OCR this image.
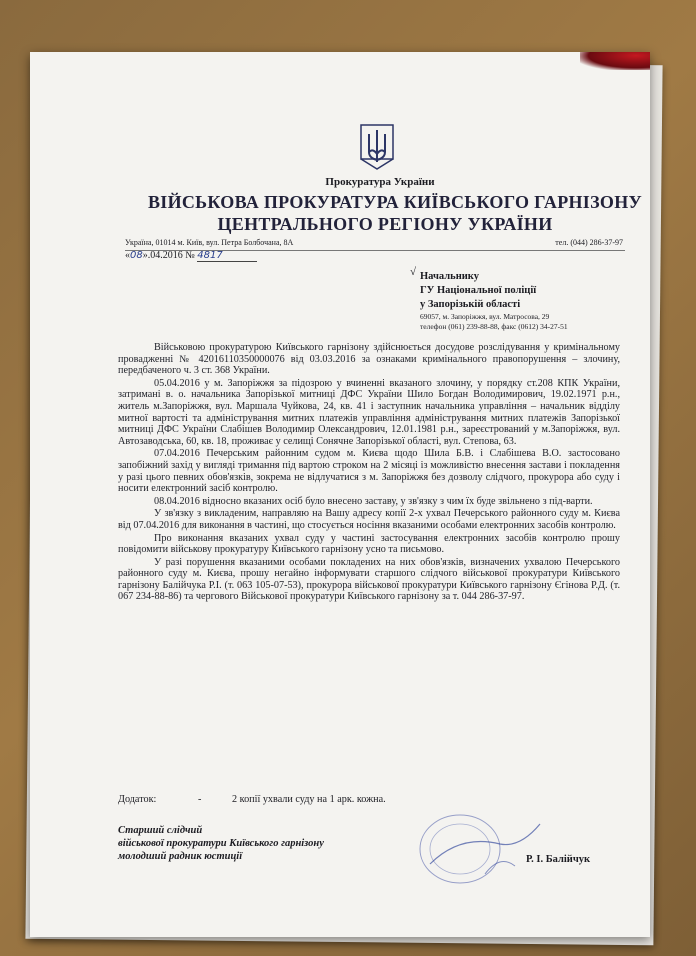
Прокуратура України
ВІЙСЬКОВА ПРОКУРАТУРА КИЇВСЬКОГО ГАРНІЗОНУ
ЦЕНТРАЛЬНОГО РЕГІОНУ УКРАЇНИ
Україна, 01014 м. Київ, вул. Петра Болбочана, 8А	тел. (044) 286-37-97
«08».04.2016 № 4817
√ Начальнику
ГУ Національної поліції
у Запорізькій області
69057, м. Запоріжжя, вул. Матросова, 29
телефон (061) 239-88-88, факс (0612) 34-27-51

Військовою прокуратурою Київського гарнізону здійснюється досудове розслідування у кримінальному провадженні № 42016110350000076 від 03.03.2016 за ознаками кримінального правопорушення – злочину, передбаченого ч. 3 ст. 368 України.

05.04.2016 у м. Запоріжжя за підозрою у вчиненні вказаного злочину, у порядку ст.208 КПК України, затримані в. о. начальника Запорізької митниці ДФС України Шило Богдан Володимирович, 19.02.1971 р.н., житель м.Запоріжжя, вул. Маршала Чуйкова, 24, кв. 41 і заступник начальника управління – начальник відділу митної вартості та адміністрування митних платежів управління адміністрування митних платежів Запорізької митниці ДФС України Слабішев Володимир Олександрович, 12.01.1981 р.н., зареєстрований у м.Запоріжжя, вул. Автозаводська, 60, кв. 18, проживає у селищі Сонячне Запорізької області, вул. Степова, 63.

07.04.2016 Печерським районним судом м. Києва щодо Шила Б.В. і Слабішева В.О. застосовано запобіжний захід у вигляді тримання під вартою строком на 2 місяці із можливістю внесення застави і покладення у разі цього певних обов'язків, зокрема не відлучатися з м. Запоріжжя без дозволу слідчого, прокурора або суду і носити електронний засіб контролю.

08.04.2016 відносно вказаних осіб було внесено заставу, у зв'язку з чим їх буде звільнено з під-варти.

У зв'язку з викладеним, направляю на Вашу адресу копії 2-х ухвал Печерського районного суду м. Києва від 07.04.2016 для виконання в частині, що стосується носіння вказаними особами електронних засобів контролю.

Про виконання вказаних ухвал суду у частині застосування електронних засобів контролю прошу повідомити військову прокуратуру Київського гарнізону усно та письмово.

У разі порушення вказаними особами покладених на них обов'язків, визначених ухвалою Печерського районного суду м. Києва, прошу негайно інформувати старшого слідчого військової прокуратури Київського гарнізону Балійчука Р.І. (т. 063 105-07-53), прокурора військової прокуратури Київського гарнізону Єгінова Р.Д. (т. 067 234-88-86) та чергового Військової прокуратури Київського гарнізону за т. 044 286-37-97.

Додаток:	-	2 копії ухвали суду на 1 арк. кожна.
Старший слідчий
військової прокуратури Київського гарнізону
молодший радник юстиції	Р. І. Балійчук
